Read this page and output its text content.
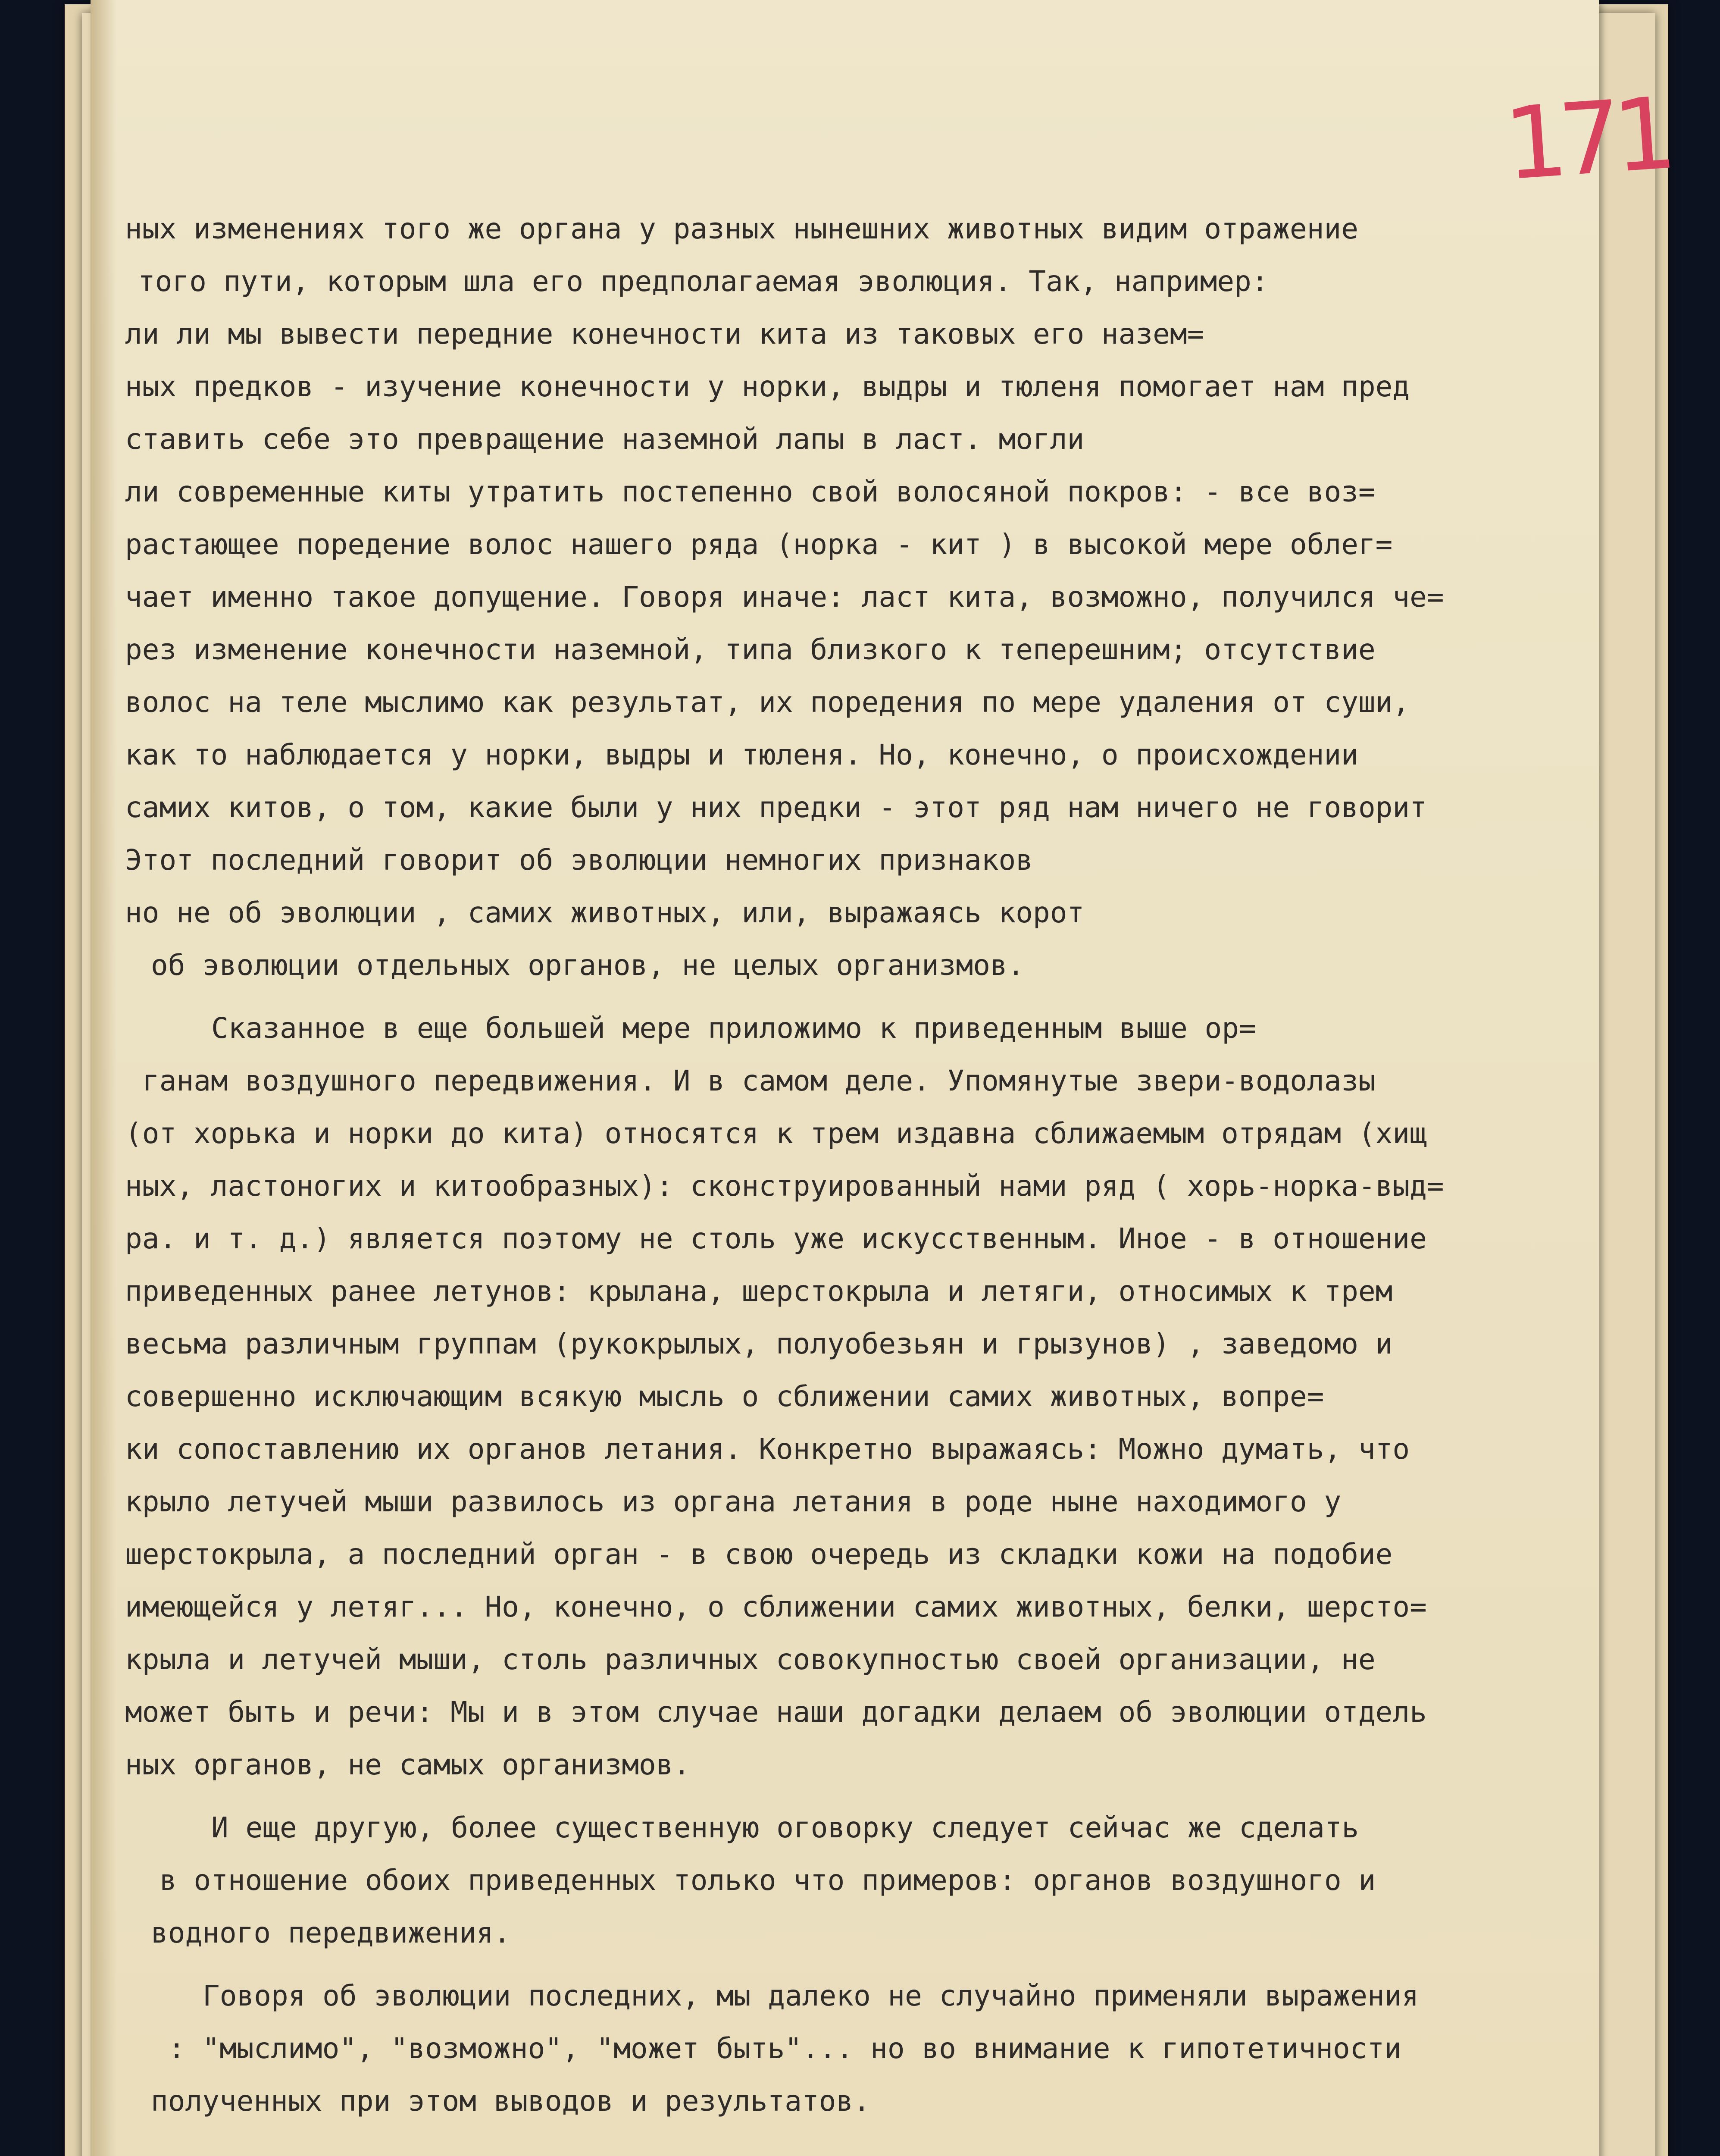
171
ных изменениях того же органа у разных нынешних животных видим отражение
того пути, которым шла его предполагаемая эволюция. Так, например:
ли ли мы вывести передние конечности кита из таковых его назем=
ных предков - изучение конечности у норки, выдры и тюленя помогает нам пред
ставить себе это превращение наземной лапы в ласт. могли
ли современные киты утратить постепенно свой волосяной покров: - все воз=
растающее поредение волос нашего ряда (норка - кит ) в высокой мере облег=
чает именно такое допущение. Говоря иначе: ласт кита, возможно, получился че=
рез изменение конечности наземной, типа близкого к теперешним; отсутствие
волос на теле мыслимо как результат, их поредения по мере удаления от суши,
как то наблюдается у норки, выдры и тюленя. Но, конечно, о происхождении
самих китов, о том, какие были у них предки - этот ряд нам ничего не говорит
Этот последний говорит об эволюции немногих признаков
но не об эволюции , самих животных, или, выражаясь корот
об эволюции отдельных органов, не целых организмов.
Сказанное в еще большей мере приложимо к приведенным выше ор=
ганам воздушного передвижения. И в самом деле. Упомянутые звери-водолазы
(от хорька и норки до кита) относятся к трем издавна сближаемым отрядам (хищ
ных, ластоногих и китообразных): сконструированный нами ряд ( хорь-норка-выд=
ра. и т. д.) является поэтому не столь уже искусственным. Иное - в отношение
приведенных ранее летунов: крылана, шерстокрыла и летяги, относимых к трем
весьма различным группам (рукокрылых, полуобезьян и грызунов) , заведомо и
совершенно исключающим всякую мысль о сближении самих животных, вопре=
ки сопоставлению их органов летания. Конкретно выражаясь: Можно думать, что
крыло летучей мыши развилось из органа летания в роде ныне находимого у
шерстокрыла, а последний орган - в свою очередь из складки кожи на подобие
имеющейся у летяг... Но, конечно, о сближении самих животных, белки, шерсто=
крыла и летучей мыши, столь различных совокупностью своей организации, не
может быть и речи: Мы и в этом случае наши догадки делаем об эволюции отдель
ных органов, не самых организмов.
И еще другую, более существенную оговорку следует сейчас же сделать
в отношение обоих приведенных только что примеров: органов воздушного и
водного передвижения.
Говоря об эволюции последних, мы далеко не случайно применяли выражения
: "мыслимо", "возможно", "может быть"... но во внимание к гипотетичности
полученных при этом выводов и результатов.
